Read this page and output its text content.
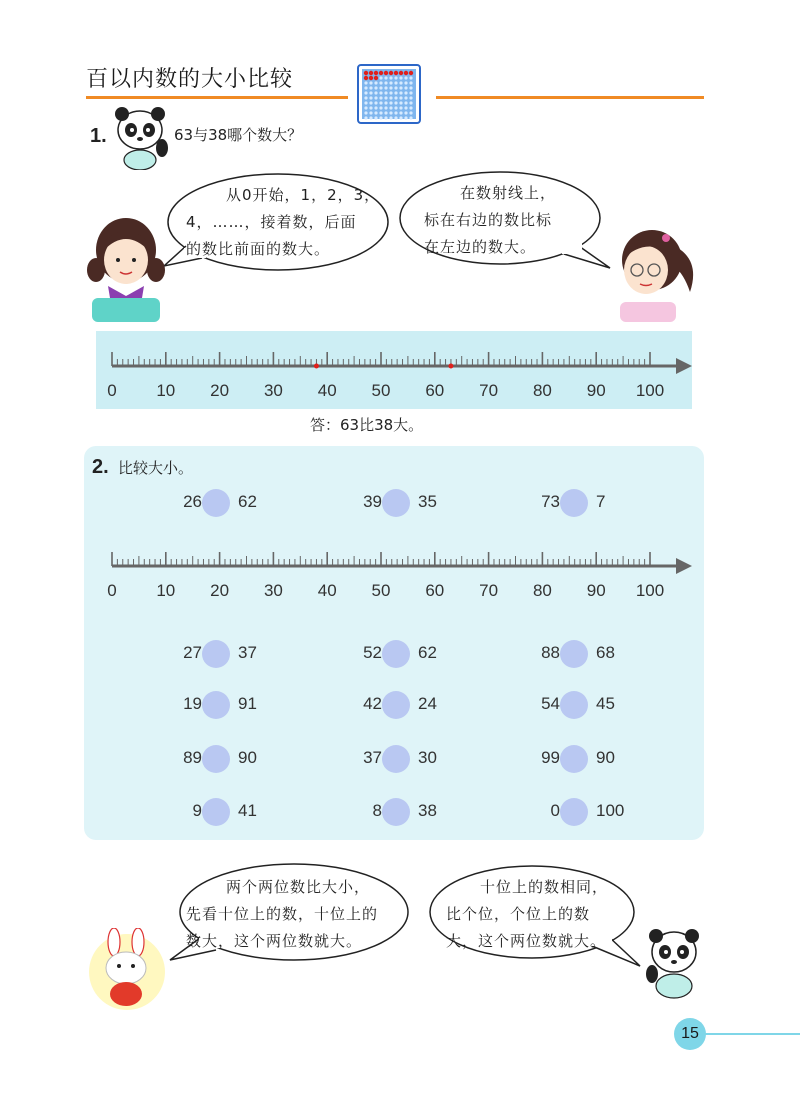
百以内数的大小比较
1.	63与38哪个数大？
从0开始，1，2，3，
4，……，接着数，后面
的数比前面的数大。
在数射线上，
标在右边的数比标
在左边的数大。
0 10 20 30 40 50 60 70 80 90 100
答：63比38大。
2. 比较大小。
26 62	39 35	73 7
0 10 20 30 40 50 60 70 80 90 100
27 37	52 62	88 68
19 91	42 24	54 45
89 90	37 30	99 90
9 41	8 38	0 100
两个两位数比大小，
先看十位上的数，十位上的
数大，这个两位数就大。
十位上的数相同，
比个位，个位上的数
大，这个两位数就大。
15
